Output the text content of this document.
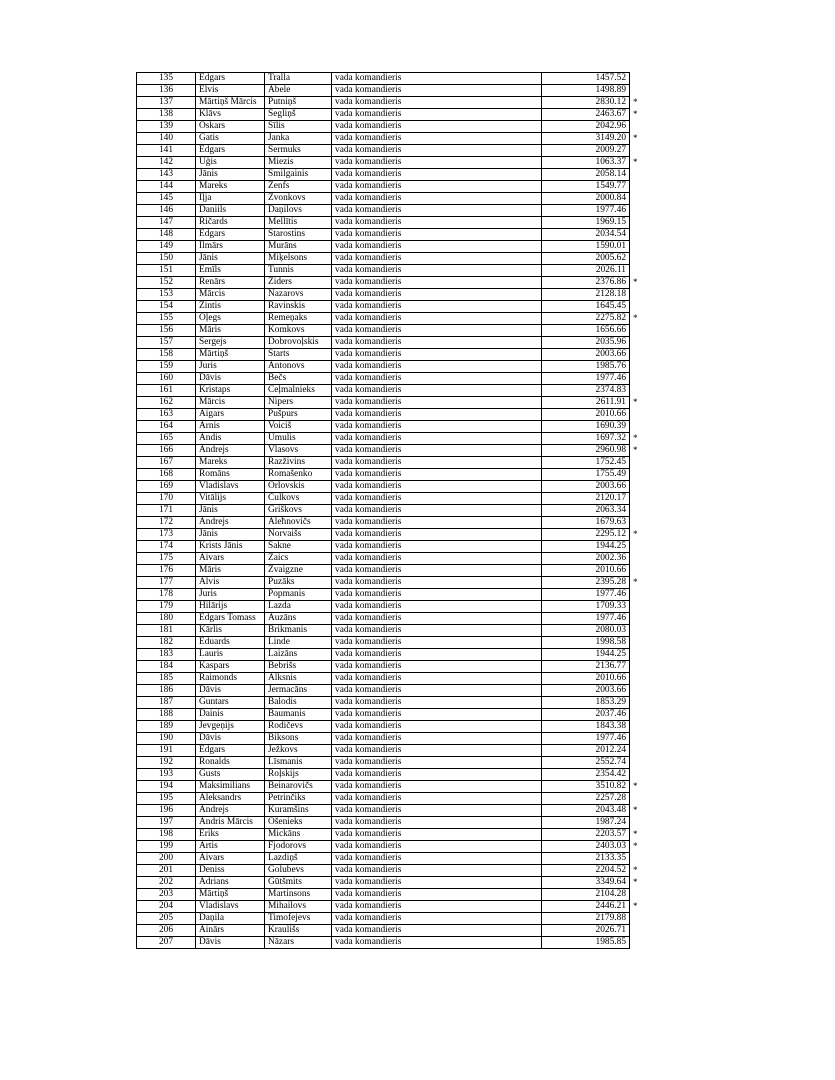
135	Edgars	Tralla	vada komandieris	1457.52	
136	Elvis	Ābele	vada komandieris	1498.89	
137	Mārtiņš Mārcis	Putniņš	vada komandieris	2830.12	*
138	Klāvs	Segliņš	vada komandieris	2463.67	*
139	Oskars	Sīlis	vada komandieris	2042.96	
140	Gatis	Janka	vada komandieris	3149.20	*
141	Edgars	Šermuks	vada komandieris	2009.27	
142	Uģis	Miezis	vada komandieris	1063.37	*
143	Jānis	Smilgainis	vada komandieris	2058.14	
144	Mareks	Zenfs	vada komandieris	1549.77	
145	Iļja	Zvonkovs	vada komandieris	2000.84	
146	Daniils	Daņilovs	vada komandieris	1977.46	
147	Ričards	Mellītis	vada komandieris	1969.15	
148	Edgars	Starostins	vada komandieris	2034.54	
149	Ilmārs	Murāns	vada komandieris	1590.01	
150	Jānis	Miķelsons	vada komandieris	2005.62	
151	Emīls	Tunnis	vada komandieris	2026.11	
152	Renārs	Ziders	vada komandieris	2376.86	*
153	Mārcis	Nazarovs	vada komandieris	2128.18	
154	Zintis	Ravinskis	vada komandieris	1645.45	
155	Oļegs	Remeņaks	vada komandieris	2275.82	*
156	Māris	Komkovs	vada komandieris	1656.66	
157	Sergejs	Dobrovoļskis	vada komandieris	2035.96	
158	Mārtiņš	Starts	vada komandieris	2003.66	
159	Juris	Antonovs	vada komandieris	1985.76	
160	Dāvis	Bečs	vada komandieris	1977.46	
161	Kristaps	Ceļmalnieks	vada komandieris	2374.83	
162	Mārcis	Nipers	vada komandieris	2611.91	*
163	Aigars	Pušpurs	vada komandieris	2010.66	
164	Arnis	Voiciš	vada komandieris	1690.39	
165	Andis	Umulis	vada komandieris	1697.32	*
166	Andrejs	Vlasovs	vada komandieris	2960.98	*
167	Mareks	Razživins	vada komandieris	1752.45	
168	Romāns	Romašenko	vada komandieris	1755.49	
169	Vladislavs	Orlovskis	vada komandieris	2003.66	
170	Vitālijs	Čulkovs	vada komandieris	2120.17	
171	Jānis	Griškovs	vada komandieris	2063.34	
172	Andrejs	Aleħnovičs	vada komandieris	1679.63	
173	Jānis	Norvaišs	vada komandieris	2295.12	*
174	Krists Jānis	Sakne	vada komandieris	1944.25	
175	Aivars	Zaics	vada komandieris	2002.36	
176	Māris	Zvaigzne	vada komandieris	2010.66	
177	Alvis	Puzāks	vada komandieris	2395.28	*
178	Juris	Popmanis	vada komandieris	1977.46	
179	Hilārijs	Lazda	vada komandieris	1709.33	
180	Edgars Tomass	Auzāns	vada komandieris	1977.46	
181	Kārlis	Brikmanis	vada komandieris	2080.03	
182	Eduards	Linde	vada komandieris	1998.58	
183	Lauris	Laizāns	vada komandieris	1944.25	
184	Kaspars	Bebrišs	vada komandieris	2136.77	
185	Raimonds	Alksnis	vada komandieris	2010.66	
186	Dāvis	Jermacāns	vada komandieris	2003.66	
187	Guntars	Balodis	vada komandieris	1853.29	
188	Dainis	Baumanis	vada komandieris	2037.46	
189	Jevgeņijs	Rodičevs	vada komandieris	1843.38	
190	Dāvis	Biksons	vada komandieris	1977.46	
191	Edgars	Ježkovs	vada komandieris	2012.24	
192	Ronalds	Līsmanis	vada komandieris	2552.74	
193	Gusts	Roļskijs	vada komandieris	2354.42	
194	Maksimilians	Beinarovičs	vada komandieris	3510.82	*
195	Aleksandrs	Petrinčiks	vada komandieris	2257.28	
196	Andrejs	Kuramšins	vada komandieris	2043.48	*
197	Andris Mārcis	Ošenieks	vada komandieris	1987.24	
198	Ēriks	Mickāns	vada komandieris	2203.57	*
199	Artis	Fjodorovs	vada komandieris	2403.03	*
200	Aivars	Lazdiņš	vada komandieris	2133.35	
201	Deniss	Golubevs	vada komandieris	2204.52	*
202	Adrians	Gūtšmits	vada komandieris	3349.64	*
203	Mārtiņš	Martinsons	vada komandieris	2104.28	
204	Vladislavs	Mihailovs	vada komandieris	2446.21	*
205	Daņila	Timofejevs	vada komandieris	2179.88	
206	Ainārs	Kraulišs	vada komandieris	2026.71	
207	Dāvis	Nāzars	vada komandieris	1985.85	
